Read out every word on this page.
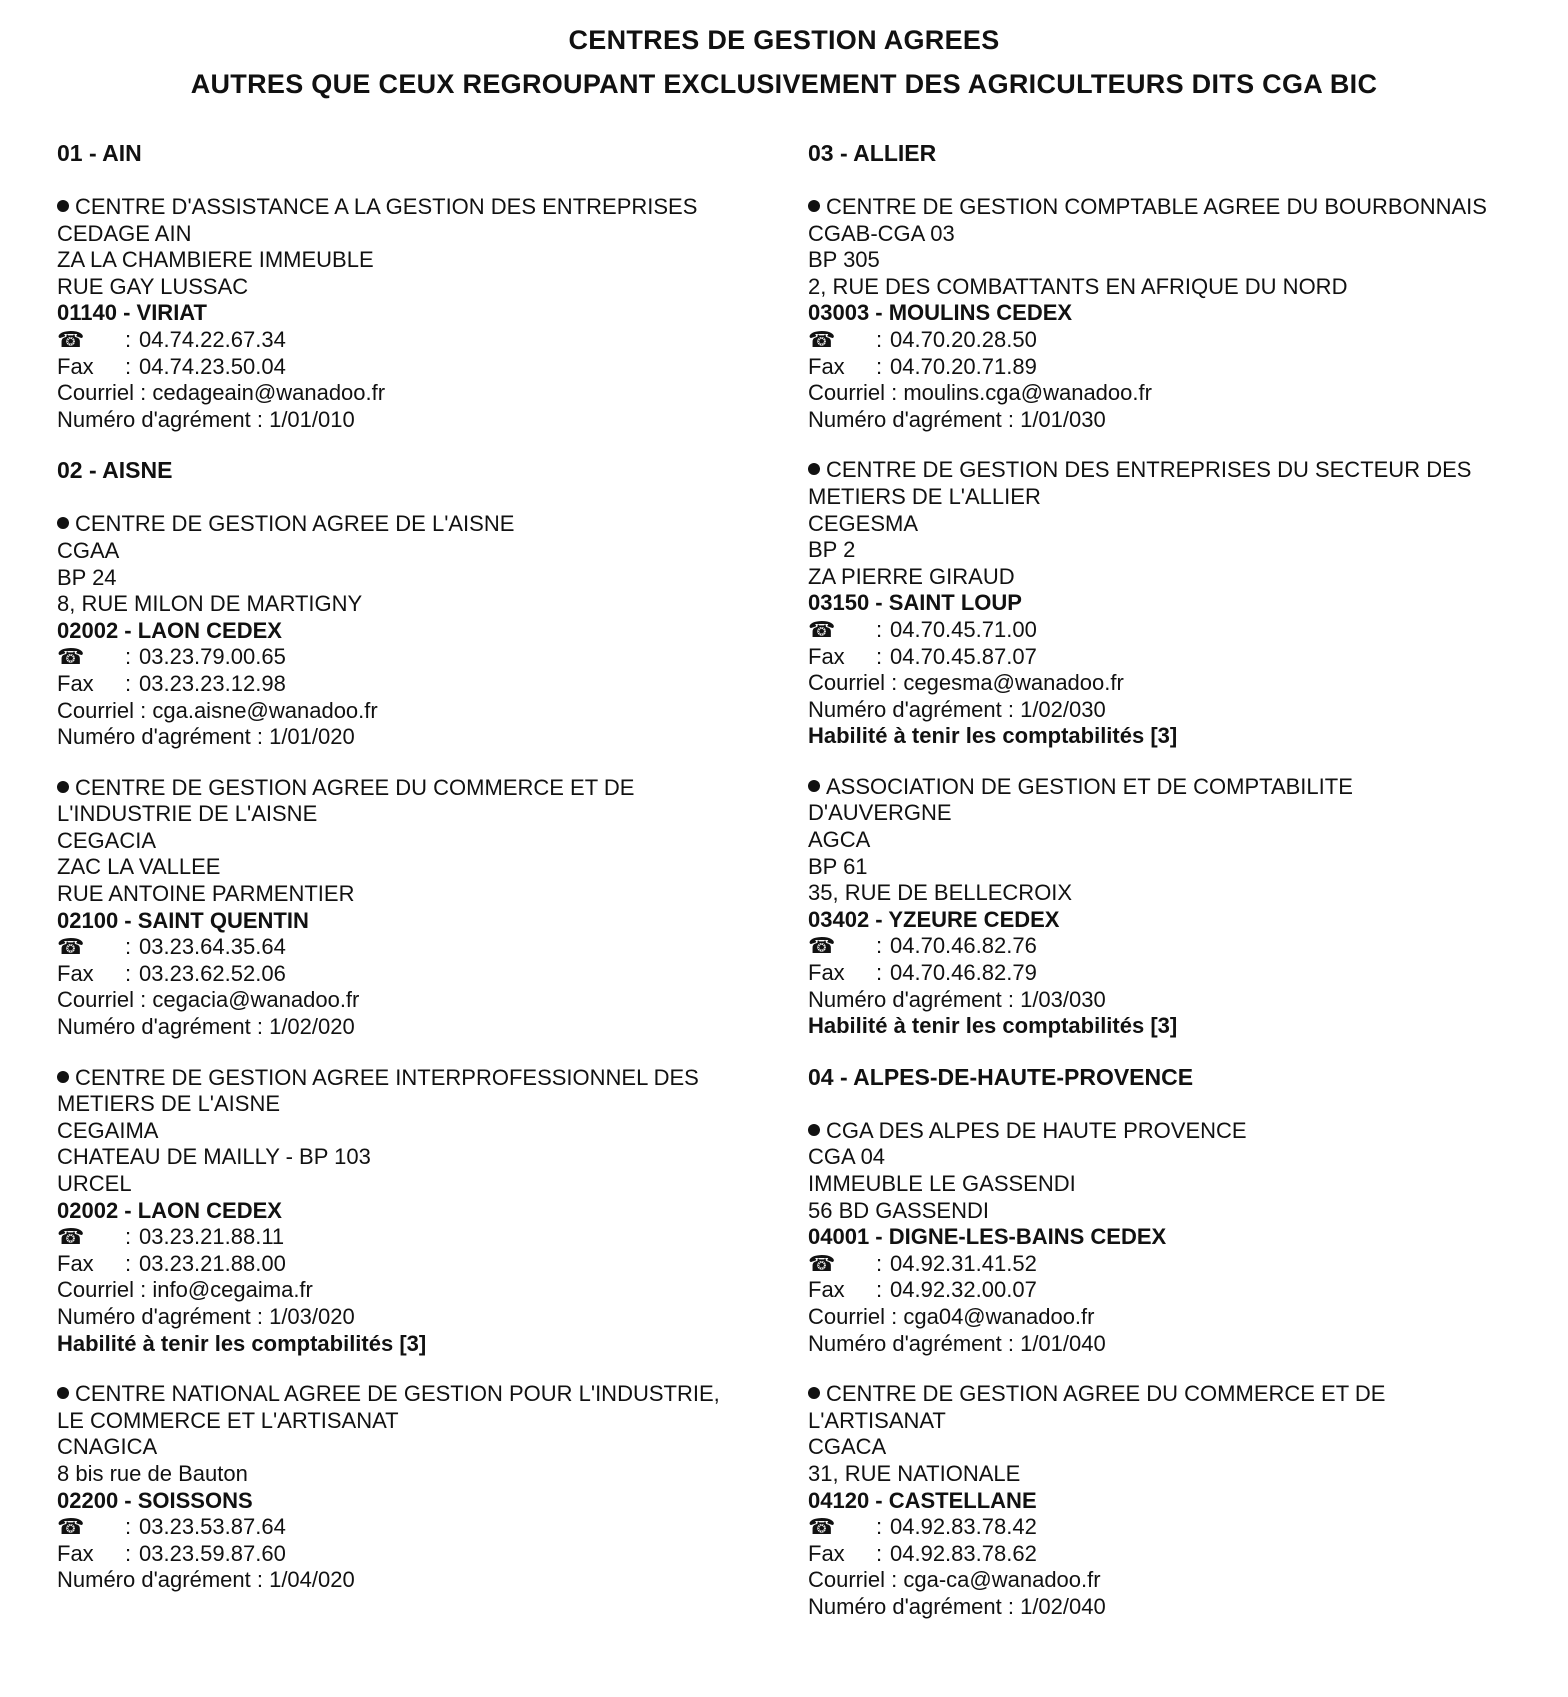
CENTRES DE GESTION AGREES
AUTRES QUE CEUX REGROUPANT EXCLUSIVEMENT DES AGRICULTEURS DITS CGA BIC
01 - AIN
CENTRE D'ASSISTANCE A LA GESTION DES ENTREPRISES
CEDAGE AIN
ZA LA CHAMBIERE IMMEUBLE
RUE GAY LUSSAC
01140 - VIRIAT
☎ : 04.74.22.67.34
Fax : 04.74.23.50.04
Courriel : cedageain@wanadoo.fr
Numéro d'agrément : 1/01/010
02 - AISNE
CENTRE DE GESTION AGREE DE L'AISNE
CGAA
BP 24
8, RUE MILON DE MARTIGNY
02002 - LAON CEDEX
☎ : 03.23.79.00.65
Fax : 03.23.23.12.98
Courriel : cga.aisne@wanadoo.fr
Numéro d'agrément : 1/01/020
CENTRE DE GESTION AGREE DU COMMERCE ET DE
L'INDUSTRIE DE L'AISNE
CEGACIA
ZAC LA VALLEE
RUE ANTOINE PARMENTIER
02100 - SAINT QUENTIN
☎ : 03.23.64.35.64
Fax : 03.23.62.52.06
Courriel : cegacia@wanadoo.fr
Numéro d'agrément : 1/02/020
CENTRE DE GESTION AGREE INTERPROFESSIONNEL DES
METIERS DE L'AISNE
CEGAIMA
CHATEAU DE MAILLY - BP 103
URCEL
02002 - LAON CEDEX
☎ : 03.23.21.88.11
Fax : 03.23.21.88.00
Courriel : info@cegaima.fr
Numéro d'agrément : 1/03/020
Habilité à tenir les comptabilités [3]
CENTRE NATIONAL AGREE DE GESTION POUR L'INDUSTRIE,
LE COMMERCE ET L'ARTISANAT
CNAGICA
8 bis rue de Bauton
02200 - SOISSONS
☎ : 03.23.53.87.64
Fax : 03.23.59.87.60
Numéro d'agrément : 1/04/020
03 - ALLIER
CENTRE DE GESTION COMPTABLE AGREE DU BOURBONNAIS
CGAB-CGA 03
BP 305
2, RUE DES COMBATTANTS EN AFRIQUE DU NORD
03003 - MOULINS CEDEX
☎ : 04.70.20.28.50
Fax : 04.70.20.71.89
Courriel : moulins.cga@wanadoo.fr
Numéro d'agrément : 1/01/030
CENTRE DE GESTION DES ENTREPRISES DU SECTEUR DES
METIERS DE L'ALLIER
CEGESMA
BP 2
ZA PIERRE GIRAUD
03150 - SAINT LOUP
☎ : 04.70.45.71.00
Fax : 04.70.45.87.07
Courriel : cegesma@wanadoo.fr
Numéro d'agrément : 1/02/030
Habilité à tenir les comptabilités [3]
ASSOCIATION DE GESTION ET DE COMPTABILITE
D'AUVERGNE
AGCA
BP 61
35, RUE DE BELLECROIX
03402 - YZEURE CEDEX
☎ : 04.70.46.82.76
Fax : 04.70.46.82.79
Numéro d'agrément : 1/03/030
Habilité à tenir les comptabilités [3]
04 - ALPES-DE-HAUTE-PROVENCE
CGA DES ALPES DE HAUTE PROVENCE
CGA 04
IMMEUBLE LE GASSENDI
56 BD GASSENDI
04001 - DIGNE-LES-BAINS CEDEX
☎ : 04.92.31.41.52
Fax : 04.92.32.00.07
Courriel : cga04@wanadoo.fr
Numéro d'agrément : 1/01/040
CENTRE DE GESTION AGREE DU COMMERCE ET DE
L'ARTISANAT
CGACA
31, RUE NATIONALE
04120 - CASTELLANE
☎ : 04.92.83.78.42
Fax : 04.92.83.78.62
Courriel : cga-ca@wanadoo.fr
Numéro d'agrément : 1/02/040
